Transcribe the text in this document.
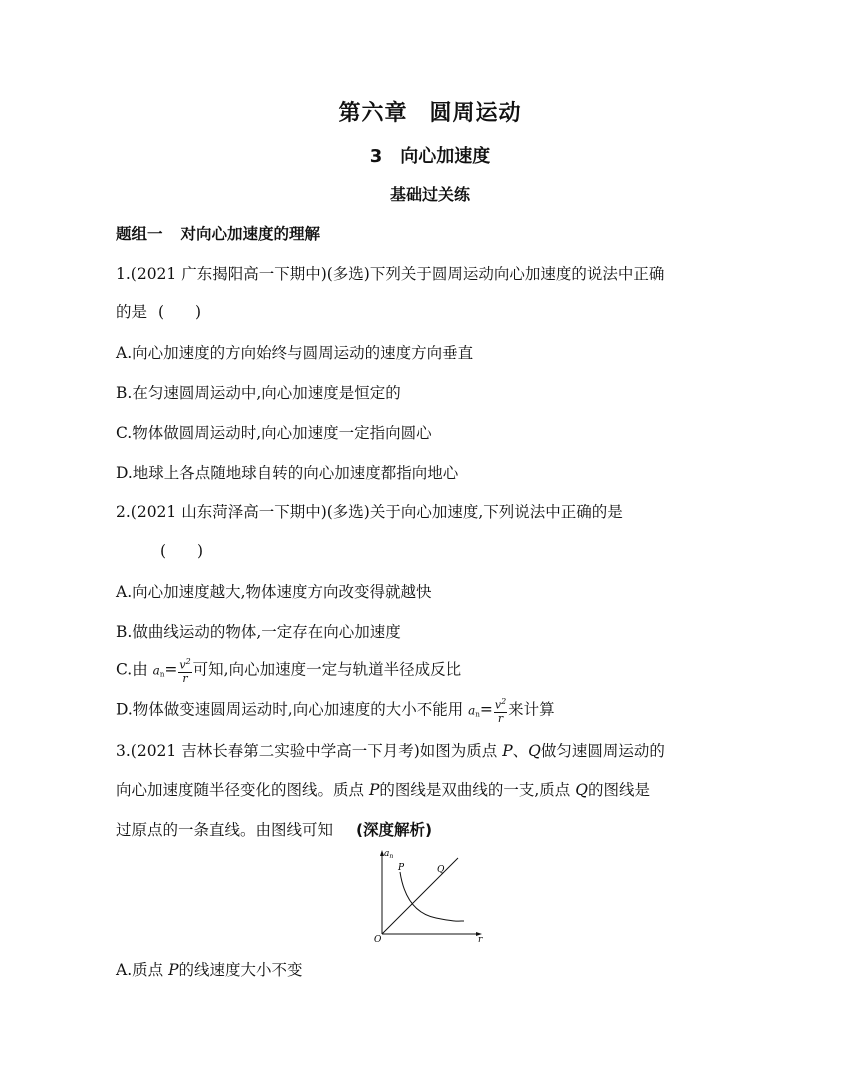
第六章 圆周运动
3 向心加速度
基础过关练
题组一 对向心加速度的理解
1.(2021 广东揭阳高一下期中)(多选)下列关于圆周运动向心加速度的说法中正确
的是 (　　)
A.向心加速度的方向始终与圆周运动的速度方向垂直
B.在匀速圆周运动中,向心加速度是恒定的
C.物体做圆周运动时,向心加速度一定指向圆心
D.地球上各点随地球自转的向心加速度都指向地心
2.(2021 山东菏泽高一下期中)(多选)关于向心加速度,下列说法中正确的是
(　　)
A.向心加速度越大,物体速度方向改变得就越快
B.做曲线运动的物体,一定存在向心加速度
C.由 $a_n= \frac{v^2}{r}$ 可知,向心加速度一定与轨道半径成反比
D.物体做变速圆周运动时,向心加速度的大小不能用 $a_n= \frac{v^2}{r}$ 来计算
3.(2021 吉林长春第二实验中学高一下月考)如图为质点 P、Q做匀速圆周运动的
向心加速度随半径变化的图线。质点 P的图线是双曲线的一支,质点 Q的图线是
过原点的一条直线。由图线可知 (深度解析)
$a_n$
r
O
P	Q
A.质点 P的线速度大小不变
